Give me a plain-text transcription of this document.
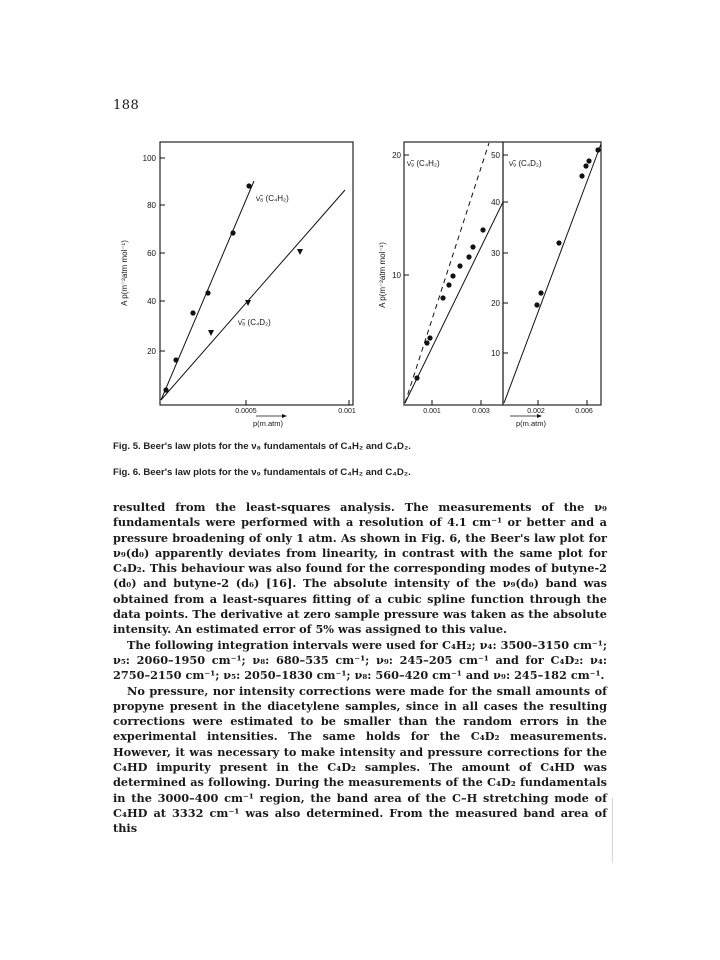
188
100
80
60
40
20
0.0005	0.001
A p(m⁻²atm mol⁻¹)
p(m.atm)
ν̃₈ (C₄H₂)
ν̃₈ (C₄D₂)
20
10
50
40
30
20
10
0.001	0.003	0.002	0.006
A p(m⁻²atm mol⁻¹)
p(m.atm)
ν̃₉ (C₄H₂)	ν̃₉ (C₄D₂)
Fig. 5. Beer's law plots for the ν₈ fundamentals of C₄H₂ and C₄D₂.
Fig. 6. Beer's law plots for the ν₉ fundamentals of C₄H₂ and C₄D₂.

resulted from the least-squares analysis. The measurements of the ν₉ fundamentals were performed with a resolution of 4.1 cm⁻¹ or better and a pressure broadening of only 1 atm. As shown in Fig. 6, the Beer's law plot for ν₉(d₀) apparently deviates from linearity, in contrast with the same plot for C₄D₂. This behaviour was also found for the corresponding modes of butyne-2 (d₀) and butyne-2 (d₆) [16]. The absolute intensity of the ν₉(d₀) band was obtained from a least-squares fitting of a cubic spline function through the data points. The derivative at zero sample pressure was taken as the absolute intensity. An estimated error of 5% was assigned to this value.

The following integration intervals were used for C₄H₂; ν₄: 3500–3150 cm⁻¹; ν₅: 2060–1950 cm⁻¹; ν₈: 680–535 cm⁻¹; ν₉: 245–205 cm⁻¹ and for C₄D₂: ν₄: 2750–2150 cm⁻¹; ν₅: 2050–1830 cm⁻¹; ν₈: 560–420 cm⁻¹ and ν₉: 245–182 cm⁻¹.

No pressure, nor intensity corrections were made for the small amounts of propyne present in the diacetylene samples, since in all cases the resulting corrections were estimated to be smaller than the random errors in the experimental intensities. The same holds for the C₄D₂ measurements. However, it was necessary to make intensity and pressure corrections for the C₄HD impurity present in the C₄D₂ samples. The amount of C₄HD was determined as following. During the measurements of the C₄D₂ fundamentals in the 3000–400 cm⁻¹ region, the band area of the C–H stretching mode of C₄HD at 3332 cm⁻¹ was also determined. From the measured band area of this
